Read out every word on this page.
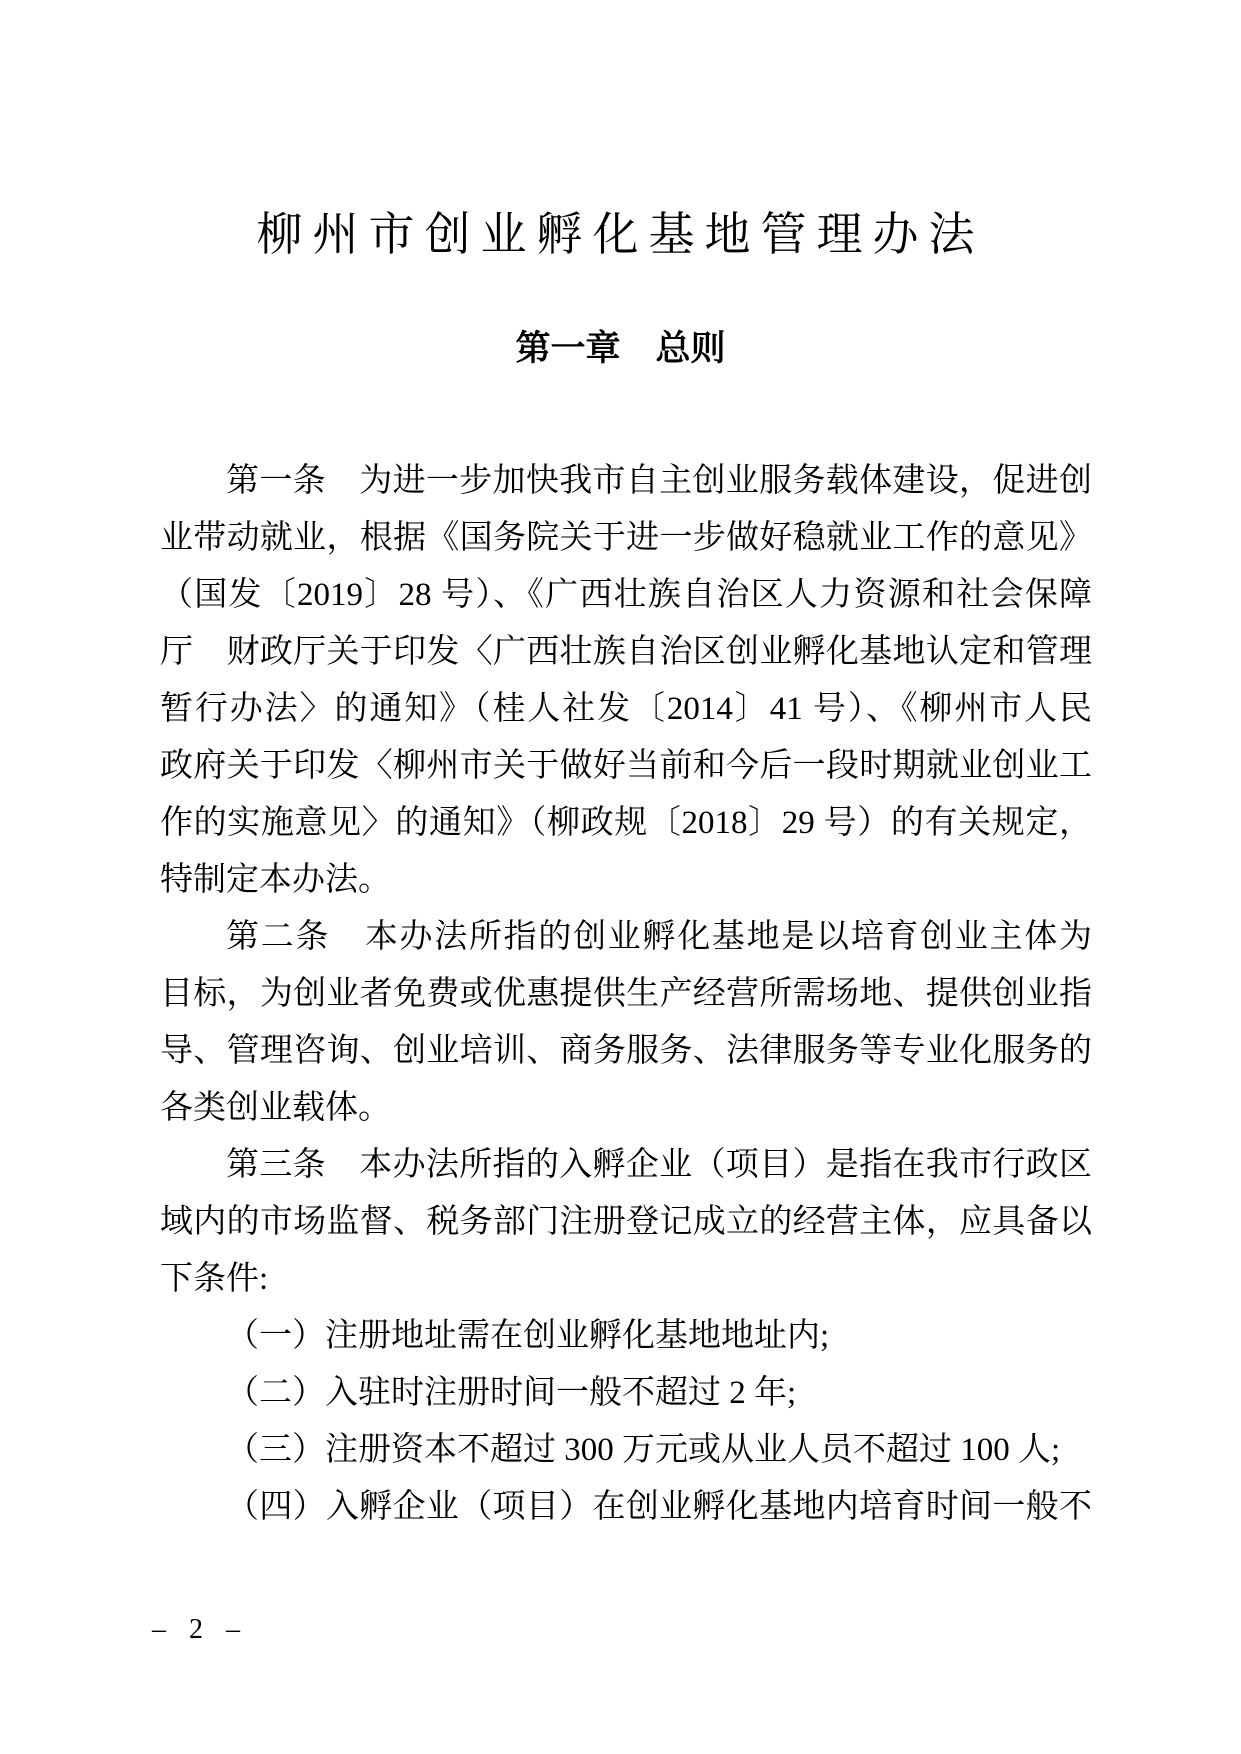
柳州市创业孵化基地管理办法
第一章　总则
第一条　为进一步加快我市自主创业服务载体建设，促进创
业带动就业，根据《国务院关于进一步做好稳就业工作的意见》
（国发〔2019〕28 号）、《广西壮族自治区人力资源和社会保障
厅　财政厅关于印发〈广西壮族自治区创业孵化基地认定和管理
暂行办法〉的通知》（桂人社发〔2014〕41 号）、《柳州市人民
政府关于印发〈柳州市关于做好当前和今后一段时期就业创业工
作的实施意见〉的通知》（柳政规〔2018〕29 号）的有关规定，
特制定本办法。
第二条　本办法所指的创业孵化基地是以培育创业主体为
目标，为创业者免费或优惠提供生产经营所需场地、提供创业指
导、管理咨询、创业培训、商务服务、法律服务等专业化服务的
各类创业载体。
第三条　本办法所指的入孵企业（项目）是指在我市行政区
域内的市场监督、税务部门注册登记成立的经营主体，应具备以
下条件:
（一）注册地址需在创业孵化基地地址内;
（二）入驻时注册时间一般不超过 2 年;
（三）注册资本不超过 300 万元或从业人员不超过 100 人;
（四）入孵企业（项目）在创业孵化基地内培育时间一般不
– 2 –
